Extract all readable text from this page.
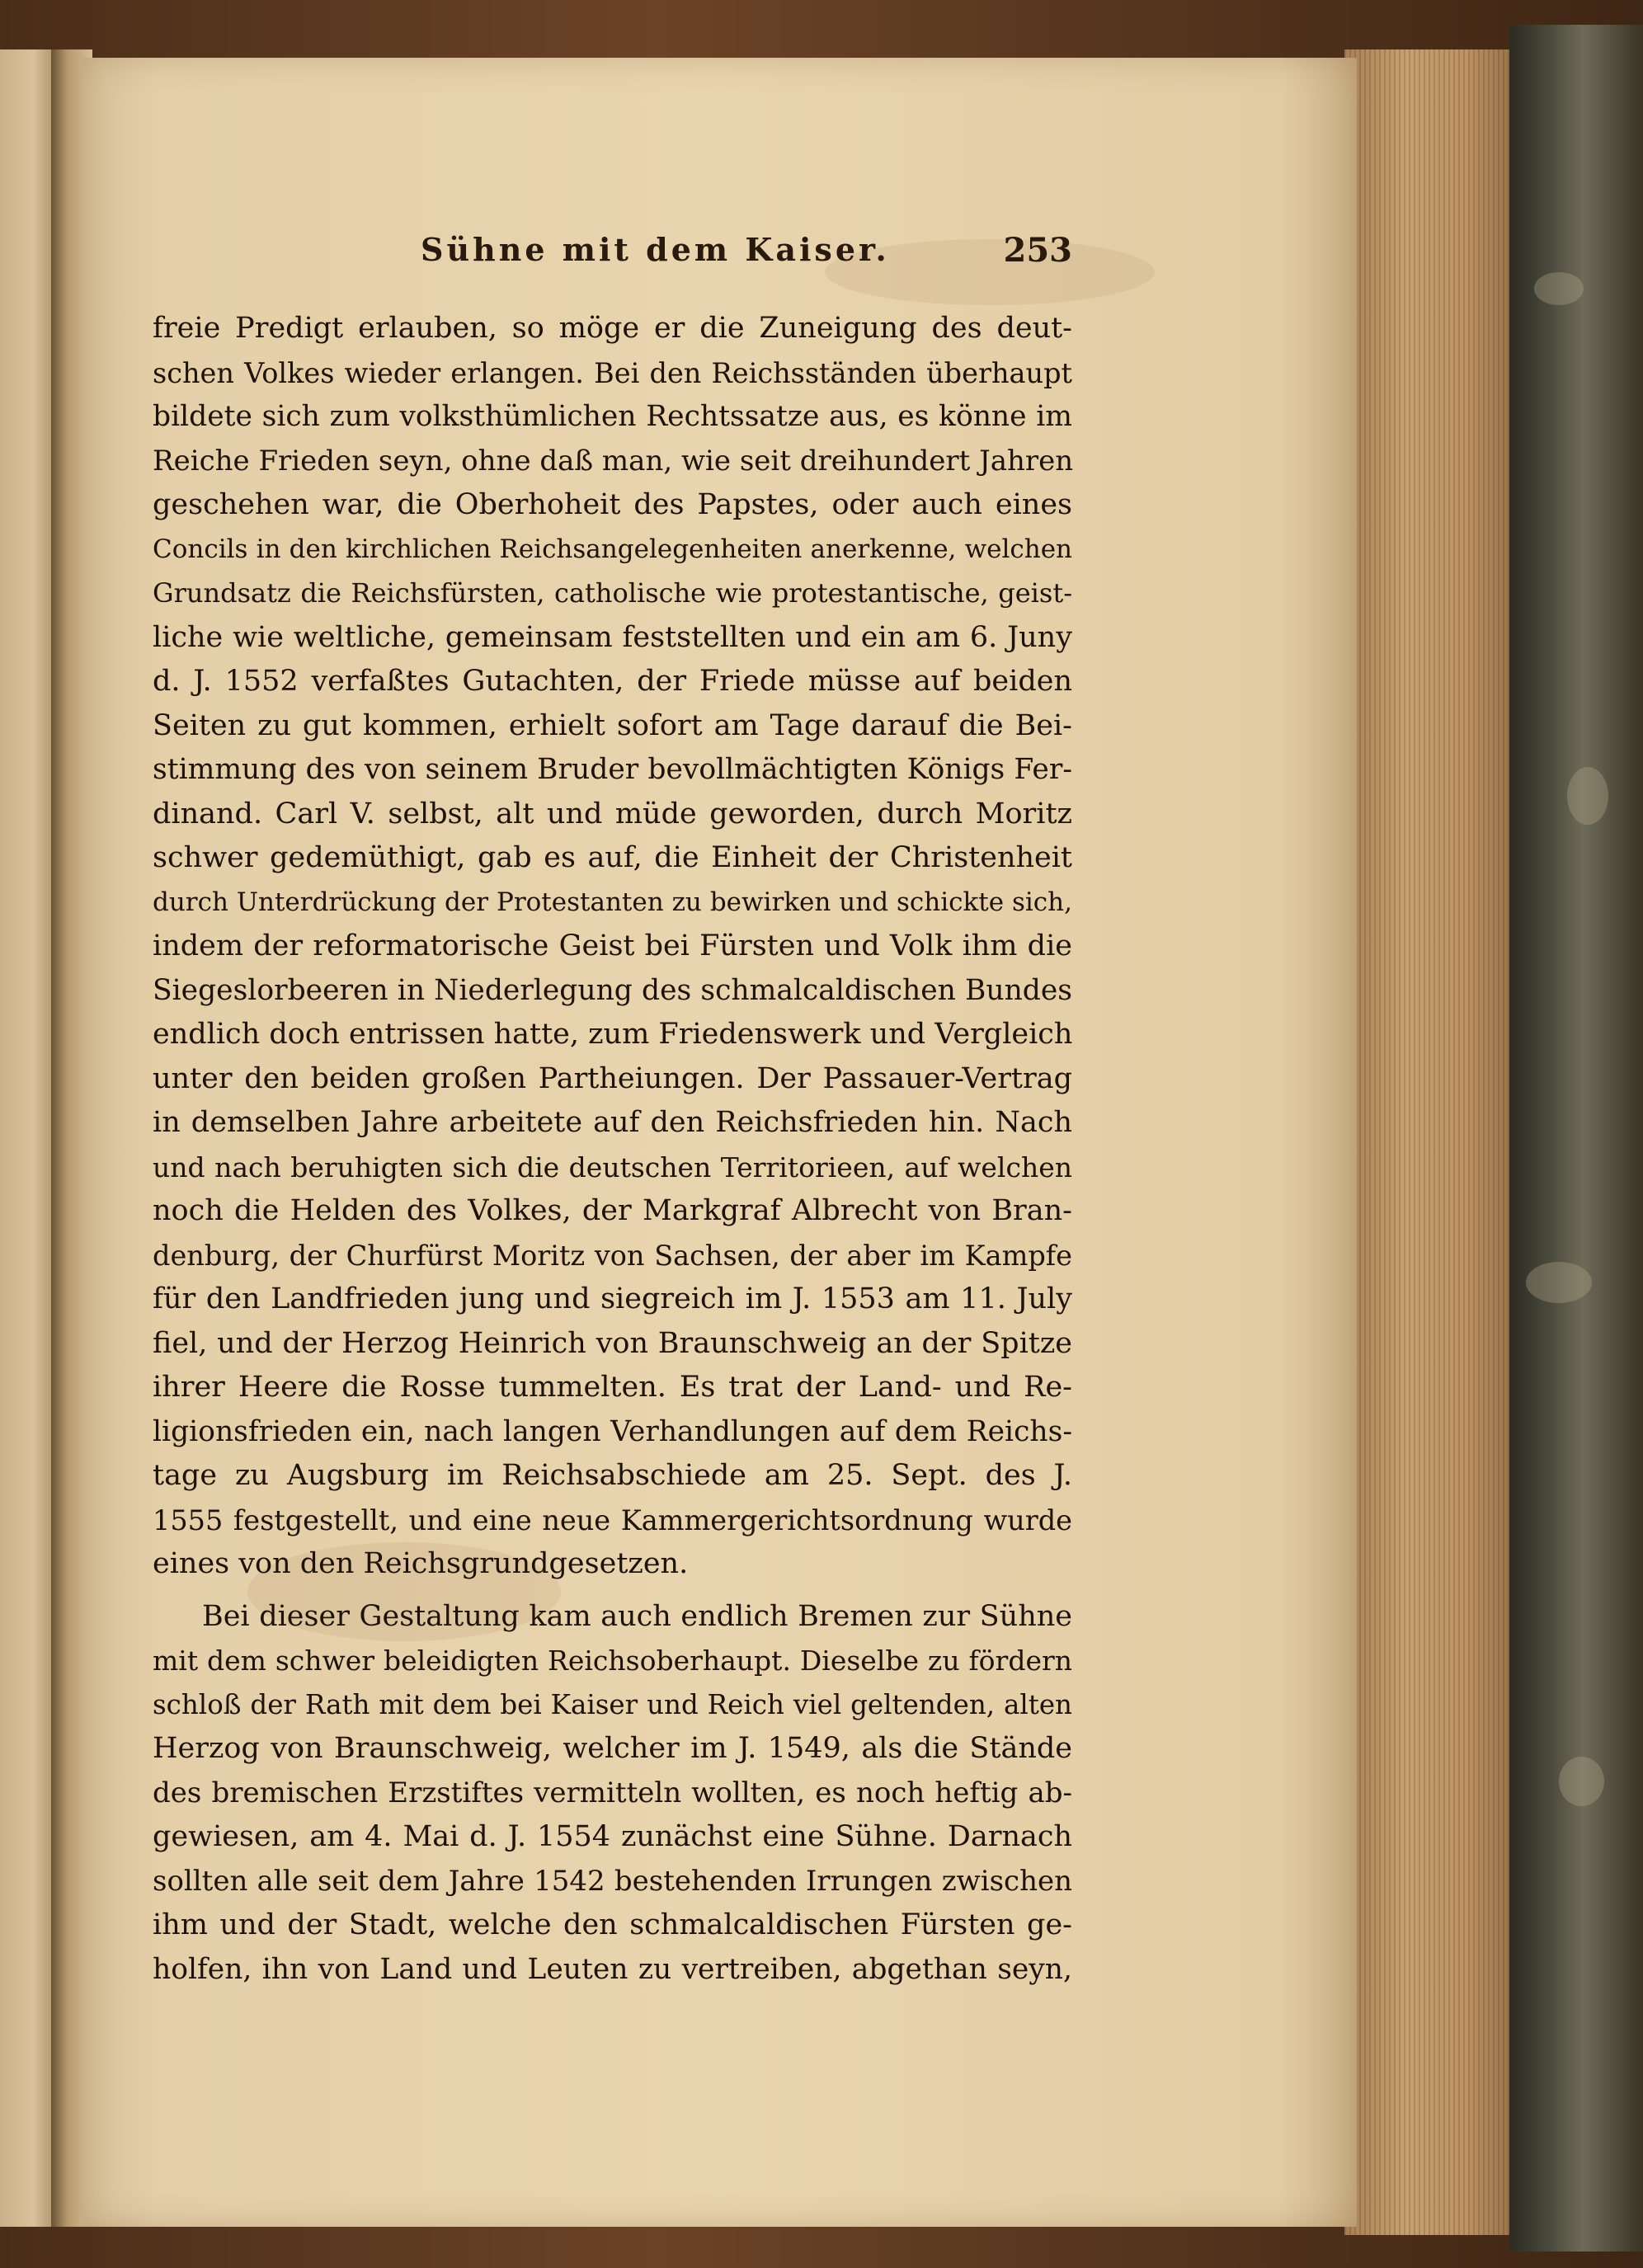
Sühne mit dem Kaiser.	253
freie Predigt erlauben, so möge er die Zuneigung des deut-
schen Volkes wieder erlangen. Bei den Reichsständen überhaupt
bildete sich zum volksthümlichen Rechtssatze aus, es könne im
Reiche Frieden seyn, ohne daß man, wie seit dreihundert Jahren
geschehen war, die Oberhoheit des Papstes, oder auch eines
Concils in den kirchlichen Reichsangelegenheiten anerkenne, welchen
Grundsatz die Reichsfürsten, catholische wie protestantische, geist-
liche wie weltliche, gemeinsam feststellten und ein am 6. Juny
d. J. 1552 verfaßtes Gutachten, der Friede müsse auf beiden
Seiten zu gut kommen, erhielt sofort am Tage darauf die Bei-
stimmung des von seinem Bruder bevollmächtigten Königs Fer-
dinand. Carl V. selbst, alt und müde geworden, durch Moritz
schwer gedemüthigt, gab es auf, die Einheit der Christenheit
durch Unterdrückung der Protestanten zu bewirken und schickte sich,
indem der reformatorische Geist bei Fürsten und Volk ihm die
Siegeslorbeeren in Niederlegung des schmalcaldischen Bundes
endlich doch entrissen hatte, zum Friedenswerk und Vergleich
unter den beiden großen Partheiungen. Der Passauer-Vertrag
in demselben Jahre arbeitete auf den Reichsfrieden hin. Nach
und nach beruhigten sich die deutschen Territorieen, auf welchen
noch die Helden des Volkes, der Markgraf Albrecht von Bran-
denburg, der Churfürst Moritz von Sachsen, der aber im Kampfe
für den Landfrieden jung und siegreich im J. 1553 am 11. July
fiel, und der Herzog Heinrich von Braunschweig an der Spitze
ihrer Heere die Rosse tummelten. Es trat der Land- und Re-
ligionsfrieden ein, nach langen Verhandlungen auf dem Reichs-
tage zu Augsburg im Reichsabschiede am 25. Sept. des J.
1555 festgestellt, und eine neue Kammergerichtsordnung wurde
eines von den Reichsgrundgesetzen.
Bei dieser Gestaltung kam auch endlich Bremen zur Sühne
mit dem schwer beleidigten Reichsoberhaupt. Dieselbe zu fördern
schloß der Rath mit dem bei Kaiser und Reich viel geltenden, alten
Herzog von Braunschweig, welcher im J. 1549, als die Stände
des bremischen Erzstiftes vermitteln wollten, es noch heftig ab-
gewiesen, am 4. Mai d. J. 1554 zunächst eine Sühne. Darnach
sollten alle seit dem Jahre 1542 bestehenden Irrungen zwischen
ihm und der Stadt, welche den schmalcaldischen Fürsten ge-
holfen, ihn von Land und Leuten zu vertreiben, abgethan seyn,
